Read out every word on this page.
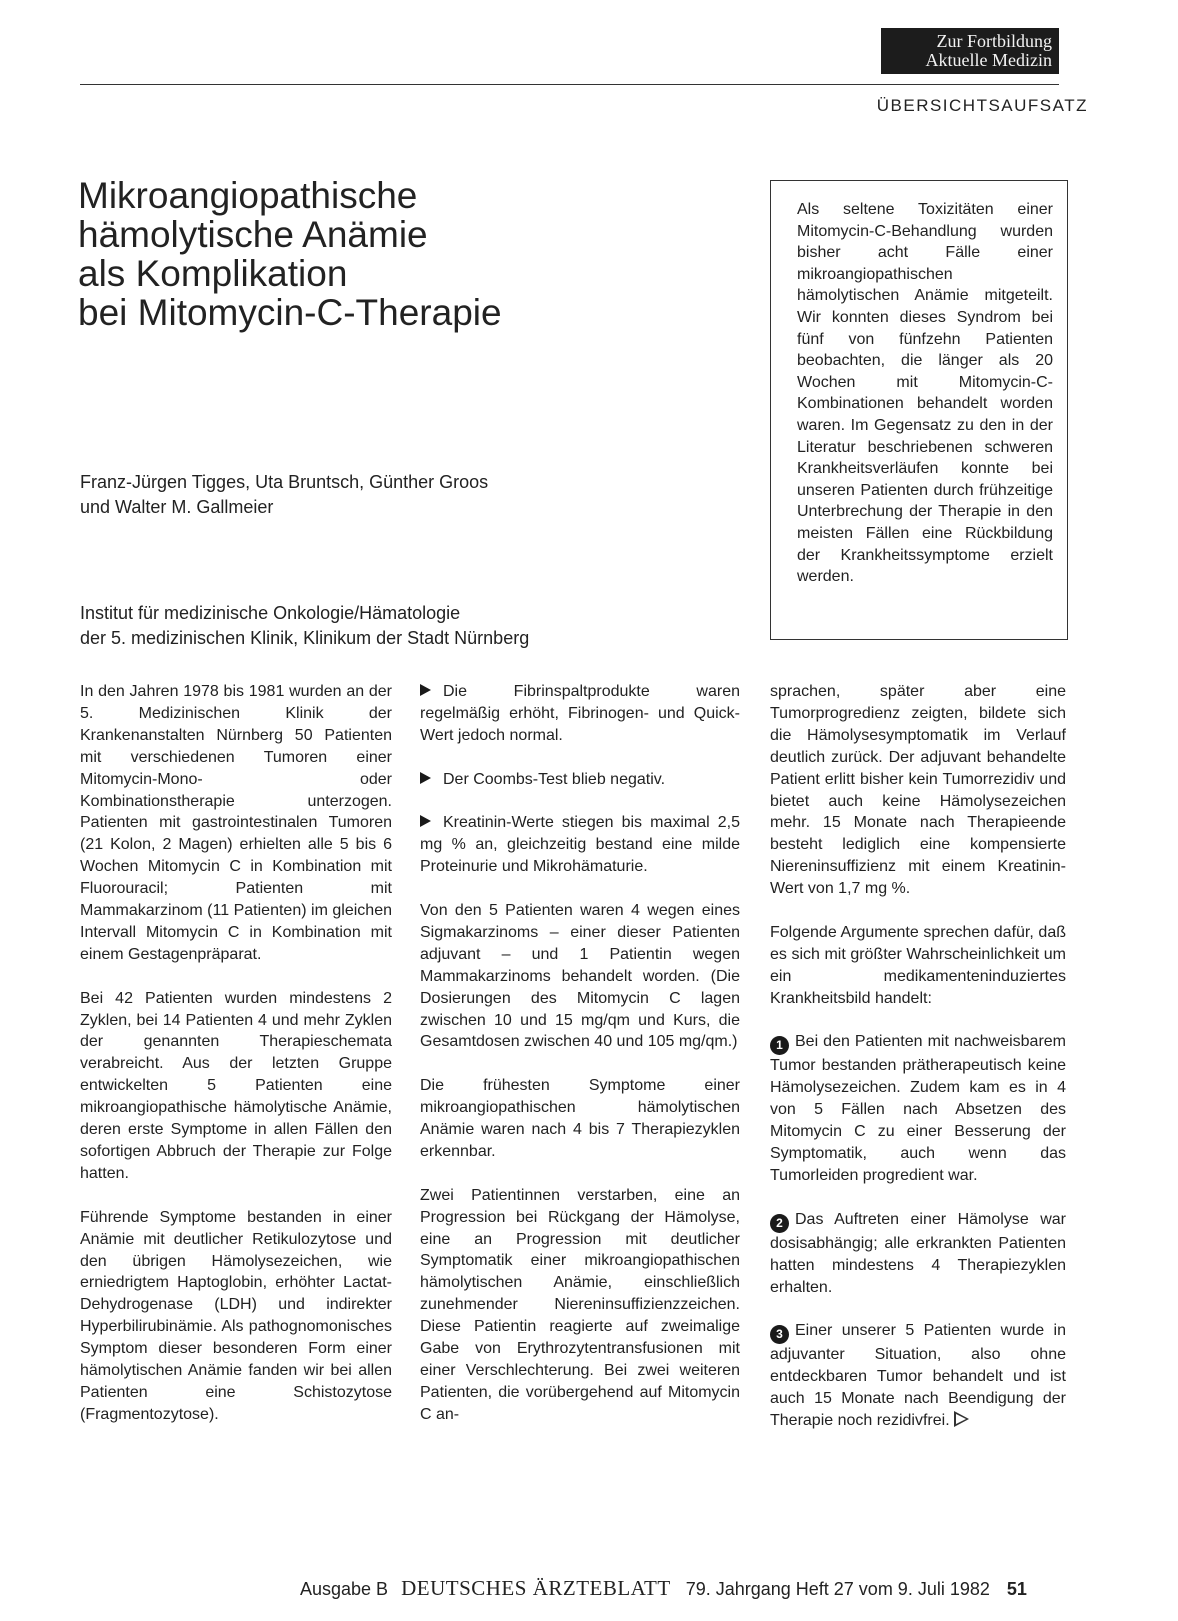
Zur Fortbildung
Aktuelle Medizin
ÜBERSICHTSAUFSATZ
Mikroangiopathische
hämolytische Anämie
als Komplikation
bei Mitomycin-C-Therapie
Franz-Jürgen Tigges, Uta Bruntsch, Günther Groos
und Walter M. Gallmeier
Institut für medizinische Onkologie/Hämatologie
der 5. medizinischen Klinik, Klinikum der Stadt Nürnberg
Als seltene Toxizitäten einer Mitomycin-C-Behandlung wurden bisher acht Fälle einer mikroangiopathischen hämolytischen Anämie mitgeteilt. Wir konnten dieses Syndrom bei fünf von fünfzehn Patienten beobachten, die länger als 20 Wochen mit Mitomycin-C-Kombinationen behandelt worden waren. Im Gegensatz zu den in der Literatur beschriebenen schweren Krankheitsverläufen konnte bei unseren Patienten durch frühzeitige Unterbrechung der Therapie in den meisten Fällen eine Rückbildung der Krankheitssymptome erzielt werden.

In den Jahren 1978 bis 1981 wurden an der 5. Medizinischen Klinik der Krankenanstalten Nürnberg 50 Patienten mit verschiedenen Tumoren einer Mitomycin-Mono- oder Kombinationstherapie unterzogen. Patienten mit gastrointestinalen Tumoren (21 Kolon, 2 Magen) erhielten alle 5 bis 6 Wochen Mitomycin C in Kombination mit Fluorouracil; Patienten mit Mammakarzinom (11 Patienten) im gleichen Intervall Mitomycin C in Kombination mit einem Gestagenpräparat.

Bei 42 Patienten wurden mindestens 2 Zyklen, bei 14 Patienten 4 und mehr Zyklen der genannten Therapieschemata verabreicht. Aus der letzten Gruppe entwickelten 5 Patienten eine mikroangiopathische hämolytische Anämie, deren erste Symptome in allen Fällen den sofortigen Abbruch der Therapie zur Folge hatten.

Führende Symptome bestanden in einer Anämie mit deutlicher Retikulozytose und den übrigen Hämolysezeichen, wie erniedrigtem Haptoglobin, erhöhter Lactat-Dehydrogenase (LDH) und indirekter Hyperbilirubinämie. Als pathognomonisches Symptom dieser besonderen Form einer hämolytischen Anämie fanden wir bei allen Patienten eine Schistozytose (Fragmentozytose).

Die Fibrinspaltprodukte waren regelmäßig erhöht, Fibrinogen- und Quick-Wert jedoch normal.

Der Coombs-Test blieb negativ.

Kreatinin-Werte stiegen bis maximal 2,5 mg % an, gleichzeitig bestand eine milde Proteinurie und Mikrohämaturie.

Von den 5 Patienten waren 4 wegen eines Sigmakarzinoms – einer dieser Patienten adjuvant – und 1 Patientin wegen Mammakarzinoms behandelt worden. (Die Dosierungen des Mitomycin C lagen zwischen 10 und 15 mg/qm und Kurs, die Gesamtdosen zwischen 40 und 105 mg/qm.)

Die frühesten Symptome einer mikroangiopathischen hämolytischen Anämie waren nach 4 bis 7 Therapiezyklen erkennbar.

Zwei Patientinnen verstarben, eine an Progression bei Rückgang der Hämolyse, eine an Progression mit deutlicher Symptomatik einer mikroangiopathischen hämolytischen Anämie, einschließlich zunehmender Niereninsuffizienzzeichen. Diese Patientin reagierte auf zweimalige Gabe von Erythrozytentransfusionen mit einer Verschlechterung. Bei zwei weiteren Patienten, die vorübergehend auf Mitomycin C an-

sprachen, später aber eine Tumorprogredienz zeigten, bildete sich die Hämolysesymptomatik im Verlauf deutlich zurück. Der adjuvant behandelte Patient erlitt bisher kein Tumorrezidiv und bietet auch keine Hämolysezeichen mehr. 15 Monate nach Therapieende besteht lediglich eine kompensierte Niereninsuffizienz mit einem Kreatinin-Wert von 1,7 mg %.

Folgende Argumente sprechen dafür, daß es sich mit größter Wahrscheinlichkeit um ein medikamenteninduziertes Krankheitsbild handelt:

1 Bei den Patienten mit nachweisbarem Tumor bestanden prätherapeutisch keine Hämolysezeichen. Zudem kam es in 4 von 5 Fällen nach Absetzen des Mitomycin C zu einer Besserung der Symptomatik, auch wenn das Tumorleiden progredient war.

2 Das Auftreten einer Hämolyse war dosisabhängig; alle erkrankten Patienten hatten mindestens 4 Therapiezyklen erhalten.

3 Einer unserer 5 Patienten wurde in adjuvanter Situation, also ohne entdeckbaren Tumor behandelt und ist auch 15 Monate nach Beendigung der Therapie noch rezidivfrei.

Ausgabe B DEUTSCHES ÄRZTEBLATT 79. Jahrgang Heft 27 vom 9. Juli 1982 51
